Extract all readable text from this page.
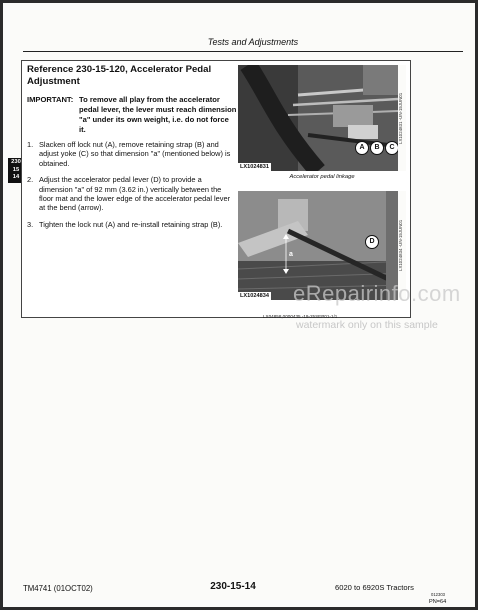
Tests and Adjustments
230
15
14
Reference 230-15-120, Accelerator Pedal Adjustment
IMPORTANT: To remove all play from the accelerator pedal lever, the lever must reach dimension "a" under its own weight, i.e. do not force it.
1. Slacken off lock nut (A), remove retaining strap (B) and adjust yoke (C) so that dimension "a" (mentioned below) is obtained.
2. Adjust the accelerator pedal lever (D) to provide a dimension "a" of 92 mm (3.62 in.) vertically between the floor mat and the lower edge of the accelerator pedal lever at the bend (arrow).
3. Tighten the lock nut (A) and re-install retaining strap (B).
A	B	C
LX1024831 -UN-15JUN01
LX1024831
Accelerator pedal linkage
D
a	LX1024834 -UN-15JUN01
LX1024834
LX04858,0000435 -19-25SEP01-1/1
eRepairinfo.com
watermark only on this sample
TM4741 (01OCT02)	230-15-14	6020 to 6920S Tractors
012303
PN=64
